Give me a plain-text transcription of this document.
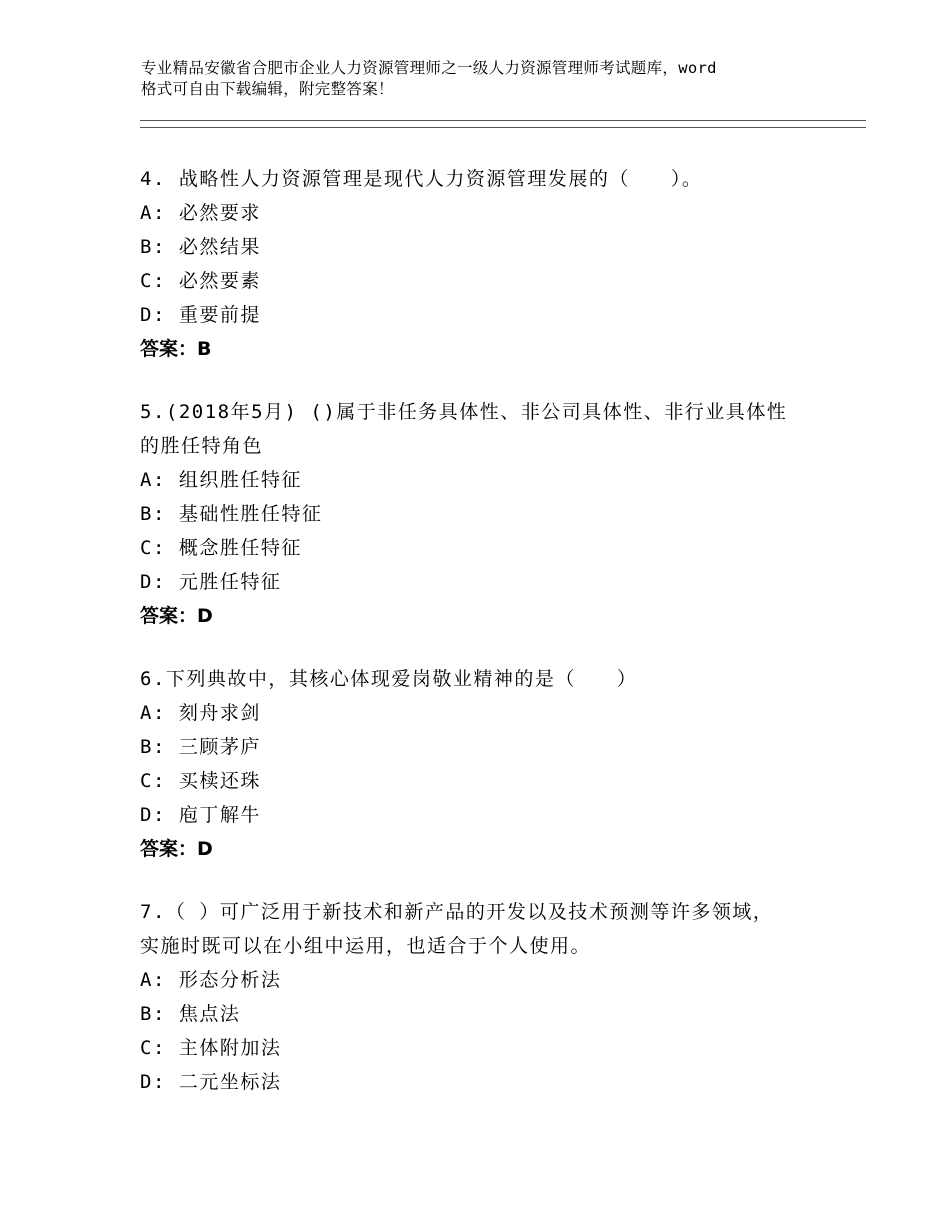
专业精品安徽省合肥市企业人力资源管理师之一级人力资源管理师考试题库，word
格式可自由下载编辑，附完整答案！
4. 战略性人力资源管理是现代人力资源管理发展的（　　）。
A: 必然要求
B: 必然结果
C: 必然要素
D: 重要前提
答案：B
5.(2018年5月) ()属于非任务具体性、非公司具体性、非行业具体性
的胜任特角色
A: 组织胜任特征
B: 基础性胜任特征
C: 概念胜任特征
D: 元胜任特征
答案：D
6.下列典故中，其核心体现爱岗敬业精神的是（　　）
A: 刻舟求剑
B: 三顾茅庐
C: 买椟还珠
D: 庖丁解牛
答案：D
7.（ ）可广泛用于新技术和新产品的开发以及技术预测等许多领域，
实施时既可以在小组中运用，也适合于个人使用。
A: 形态分析法
B: 焦点法
C: 主体附加法
D: 二元坐标法
